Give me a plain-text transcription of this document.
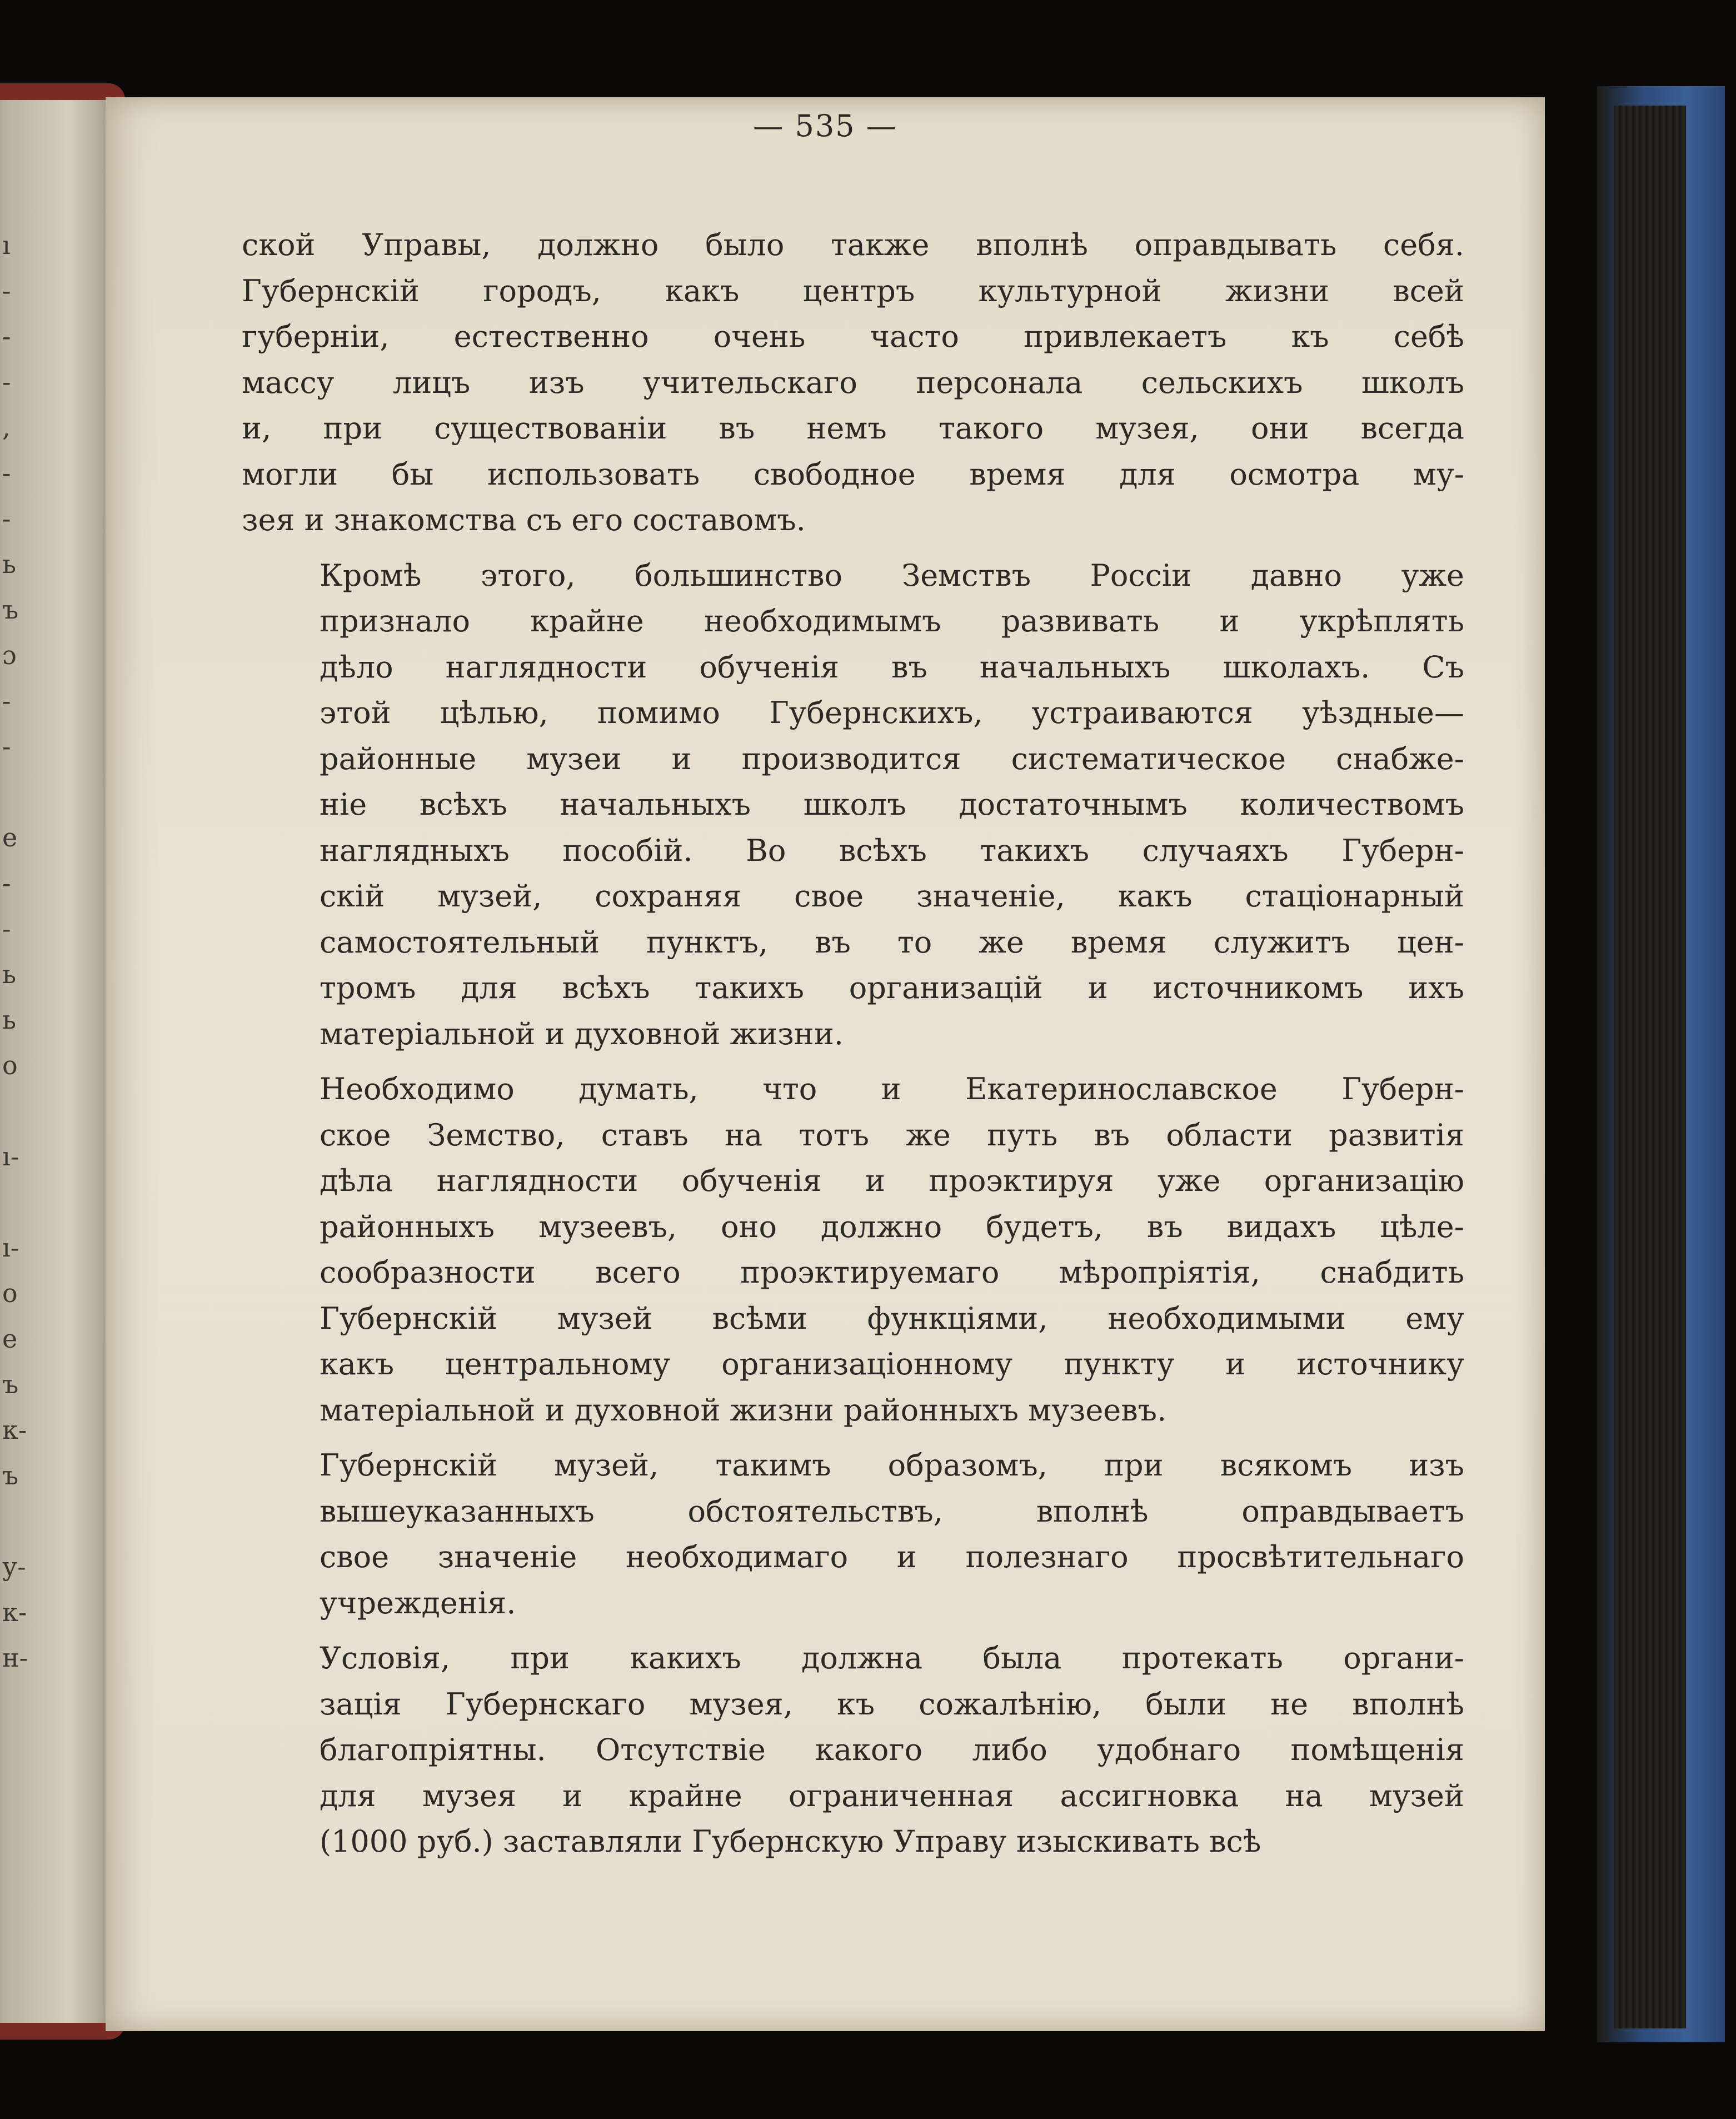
ı
-
-
-
,
-
-
ь
ъ
ɔ
-
-
e
-
-
ь
ь
о
ı-
ı-
о
е
ъ
к-
ъ
у-
к-
н-
— 535 —

ской Управы, должно было также вполнѣ оправдывать себя.
Губернскій городъ, какъ центръ культурной жизни всей
губерніи, естественно очень часто привлекаетъ къ себѣ
массу лицъ изъ учительскаго персонала сельскихъ школъ
и, при существованіи въ немъ такого музея, они всегда
могли бы использовать свободное время для осмотра му-
зея и знакомства съ его составомъ.

Кромѣ этого, большинство Земствъ Россіи давно уже
признало крайне необходимымъ развивать и укрѣплять
дѣло наглядности обученія въ начальныхъ школахъ. Съ
этой цѣлью, помимо Губернскихъ, устраиваются уѣздные—
районные музеи и производится систематическое снабже-
ніе всѣхъ начальныхъ школъ достаточнымъ количествомъ
наглядныхъ пособій. Во всѣхъ такихъ случаяхъ Губерн-
скій музей, сохраняя свое значеніе, какъ стаціонарный
самостоятельный пунктъ, въ то же время служитъ цен-
тромъ для всѣхъ такихъ организацій и источникомъ ихъ
матеріальной и духовной жизни.

Необходимо думать, что и Екатеринославское Губерн-
ское Земство, ставъ на тотъ же путь въ области развитія
дѣла наглядности обученія и проэктируя уже организацію
районныхъ музеевъ, оно должно будетъ, въ видахъ цѣле-
сообразности всего проэктируемаго мѣропріятія, снабдить
Губернскій музей всѣми функціями, необходимыми ему
какъ центральному организаціонному пункту и источнику
матеріальной и духовной жизни районныхъ музеевъ.

Губернскій музей, такимъ образомъ, при всякомъ изъ
вышеуказанныхъ обстоятельствъ, вполнѣ оправдываетъ
свое значеніе необходимаго и полезнаго просвѣтительнаго
учрежденія.

Условія, при какихъ должна была протекать органи-
зація Губернскаго музея, къ сожалѣнію, были не вполнѣ
благопріятны. Отсутствіе какого либо удобнаго помѣщенія
для музея и крайне ограниченная ассигновка на музей
(1000 руб.) заставляли Губернскую Управу изыскивать всѣ
